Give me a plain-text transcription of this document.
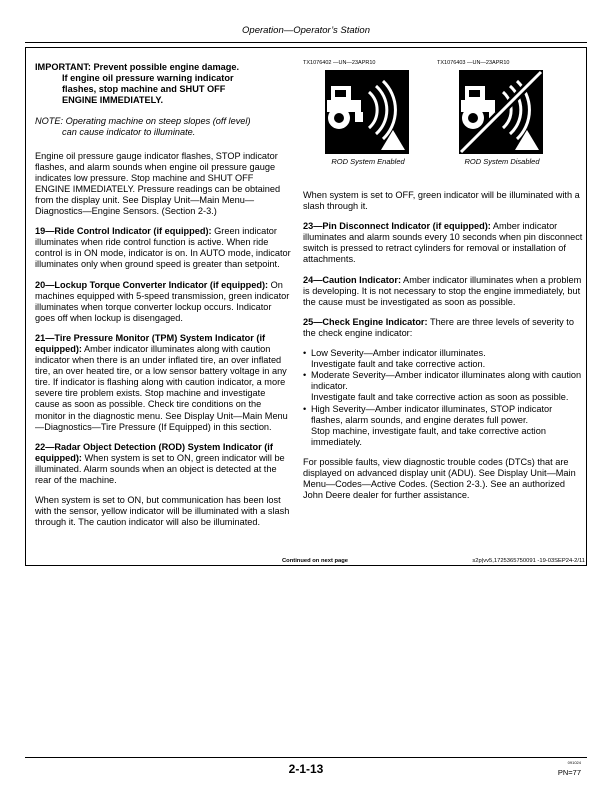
Operation—Operator’s Station
IMPORTANT: Prevent possible engine damage.
If engine oil pressure warning indicator
flashes, stop machine and SHUT OFF
ENGINE IMMEDIATELY.
NOTE: Operating machine on steep slopes (off level)
can cause indicator to illuminate.

Engine oil pressure gauge indicator flashes, STOP indicator flashes, and alarm sounds when engine oil pressure gauge indicates low pressure. Stop machine and SHUT OFF ENGINE IMMEDIATELY. Pressure readings can be obtained from the display unit. See Display Unit—Main Menu—Diagnostics—Engine Sensors. (Section 2-3.)

19—Ride Control Indicator (if equipped): Green indicator illuminates when ride control function is active. When ride control is in ON mode, indicator is on. In AUTO mode, indicator illuminates only when ground speed is greater than setpoint.

20—Lockup Torque Converter Indicator (if equipped): On machines equipped with 5-speed transmission, green indicator illuminates when torque converter lockup occurs. Indicator goes off when lockup is disengaged.

21—Tire Pressure Monitor (TPM) System Indicator (if equipped): Amber indicator illuminates along with caution indicator when there is an under inflated tire, an over inflated tire, an over heated tire, or a low sensor battery voltage in any tire. If indicator is flashing along with caution indicator, a more severe tire problem exists. Stop machine and investigate cause as soon as possible. Check tire conditions on the monitor in the diagnostic menu. See Display Unit—Main Menu—Diagnostics—Tire Pressure (If Equipped) in this section.

22—Radar Object Detection (ROD) System Indicator (if equipped): When system is set to ON, green indicator will be illuminated. Alarm sounds when an object is detected at the rear of the machine.

When system is set to ON, but communication has been lost with the sensor, yellow indicator will be illuminated with a slash through it. The caution indicator will also be illuminated.

TX1076402 —UN—23APR10
ROD System Enabled
TX1076403 —UN—23APR10
ROD System Disabled

When system is set to OFF, green indicator will be illuminated with a slash through it.

23—Pin Disconnect Indicator (if equipped): Amber indicator illuminates and alarm sounds every 10 seconds when pin disconnect switch is pressed to retract cylinders for removal or installation of attachments.

24—Caution Indicator: Amber indicator illuminates when a problem is developing. It is not necessary to stop the engine immediately, but the cause must be investigated as soon as possible.

25—Check Engine Indicator: There are three levels of severity to the check engine indicator:

• Low Severity—Amber indicator illuminates.
Investigate fault and take corrective action.
• Moderate Severity—Amber indicator illuminates along with caution indicator.
Investigate fault and take corrective action as soon as possible.
• High Severity—Amber indicator illuminates, STOP indicator flashes, alarm sounds, and engine derates full power.
Stop machine, investigate fault, and take corrective action immediately.

For possible faults, view diagnostic trouble codes (DTCs) that are displayed on advanced display unit (ADU). See Display Unit—Main Menu—Codes—Active Codes. (Section 2-3.). See an authorized John Deere dealer for further assistance.

Continued on next page	s2p|vv5,1725365750091 -19-03SEP24-2/11
2-1-13	091024
PN=77
